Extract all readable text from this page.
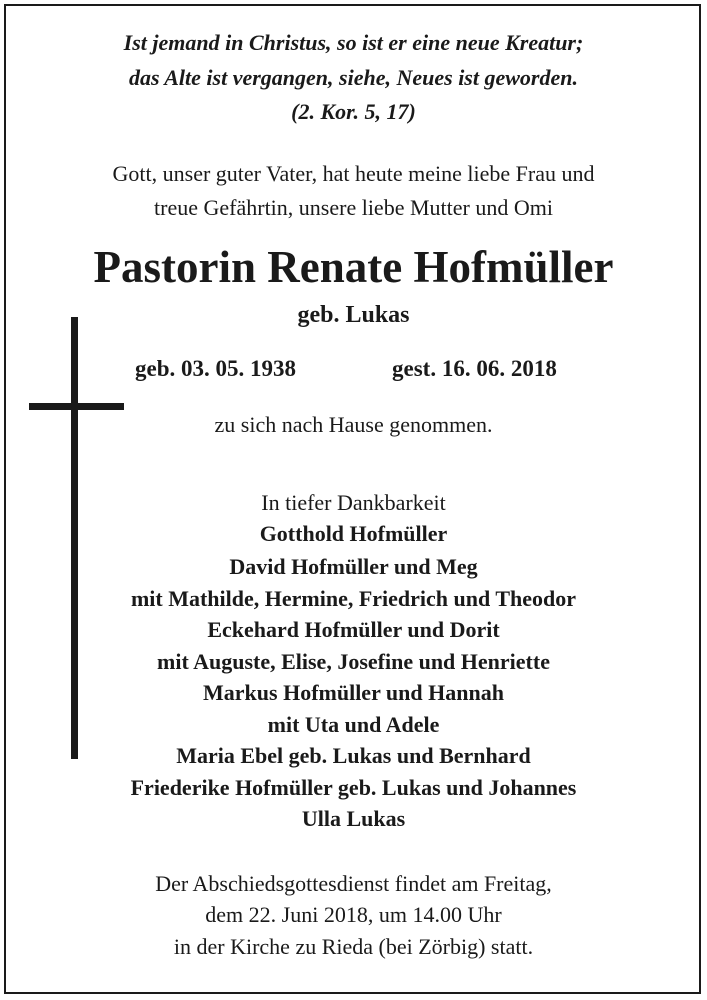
Ist jemand in Christus, so ist er eine neue Kreatur;
das Alte ist vergangen, siehe, Neues ist geworden.
(2. Kor. 5, 17)
Gott, unser guter Vater, hat heute meine liebe Frau und
treue Gefährtin, unsere liebe Mutter und Omi
Pastorin Renate Hofmüller
geb. Lukas
geb. 03. 05. 1938	gest. 16. 06. 2018
zu sich nach Hause genommen.
In tiefer Dankbarkeit
Gotthold Hofmüller
David Hofmüller und Meg
mit Mathilde, Hermine, Friedrich und Theodor
Eckehard Hofmüller und Dorit
mit Auguste, Elise, Josefine und Henriette
Markus Hofmüller und Hannah
mit Uta und Adele
Maria Ebel geb. Lukas und Bernhard
Friederike Hofmüller geb. Lukas und Johannes
Ulla Lukas
Der Abschiedsgottesdienst findet am Freitag,
dem 22. Juni 2018, um 14.00 Uhr
in der Kirche zu Rieda (bei Zörbig) statt.
